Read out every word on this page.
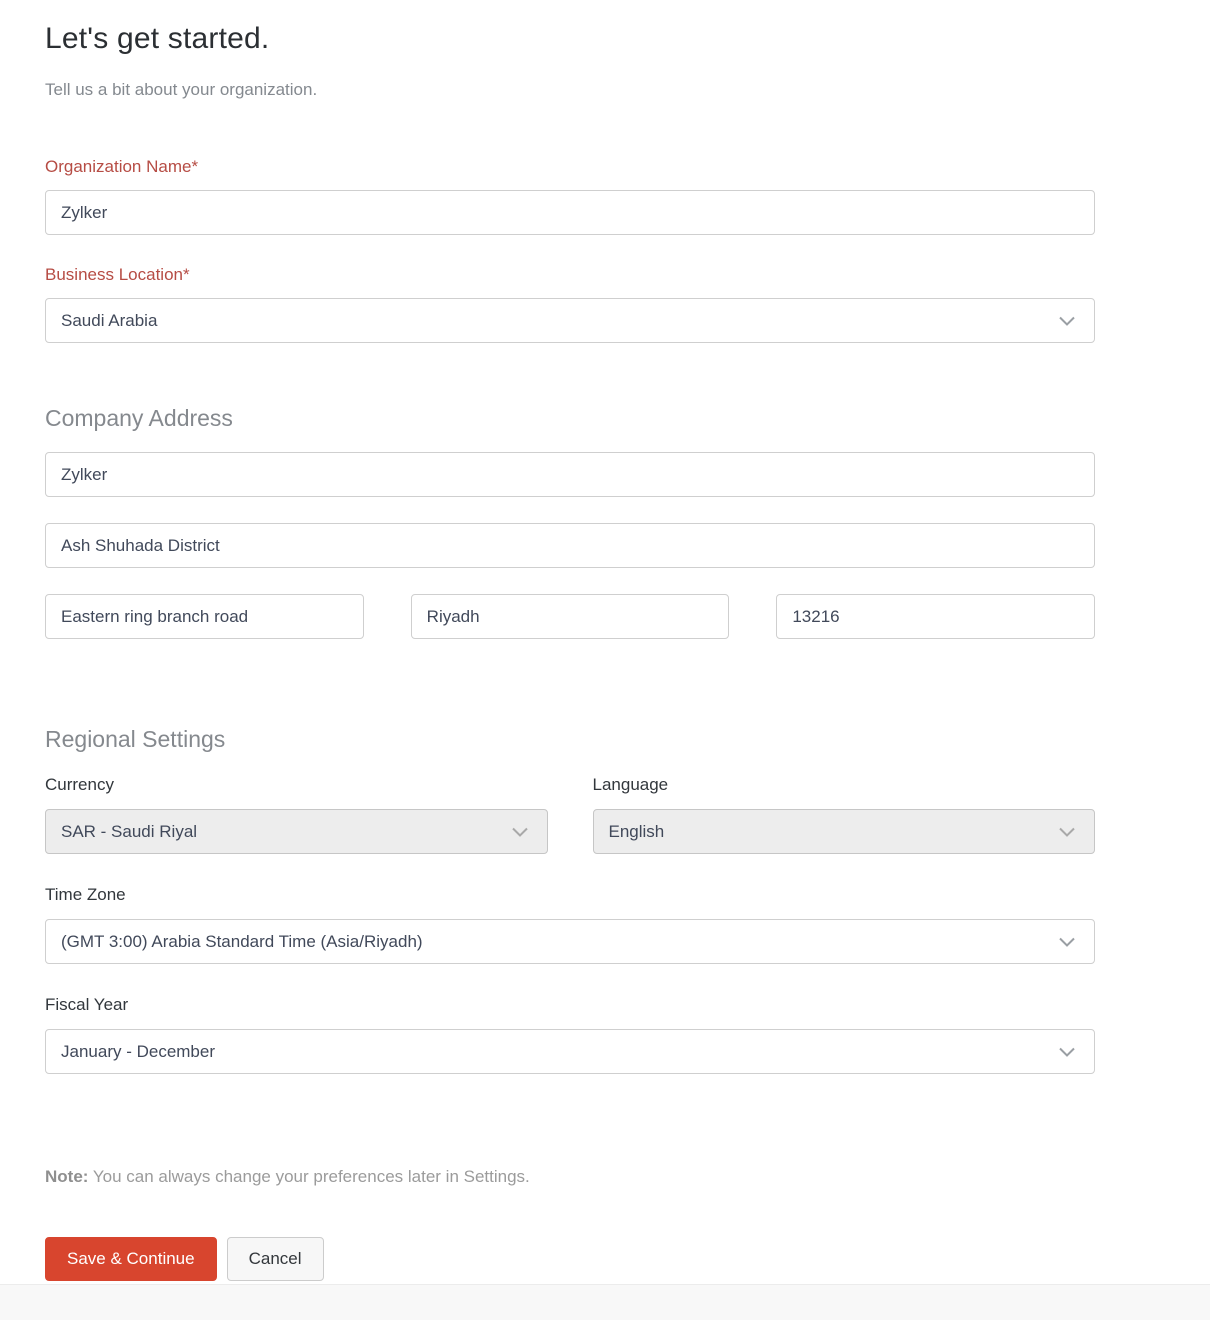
Let's get started.
Tell us a bit about your organization.
Organization Name*
Zylker
Business Location*
Saudi Arabia
Company Address
Zylker
Ash Shuhada District
Eastern ring branch road
Riyadh
13216
Regional Settings
Currency
SAR - Saudi Riyal
Language
English
Time Zone
(GMT 3:00) Arabia Standard Time (Asia/Riyadh)
Fiscal Year
January - December
Note: You can always change your preferences later in Settings.
Save & Continue	Cancel
